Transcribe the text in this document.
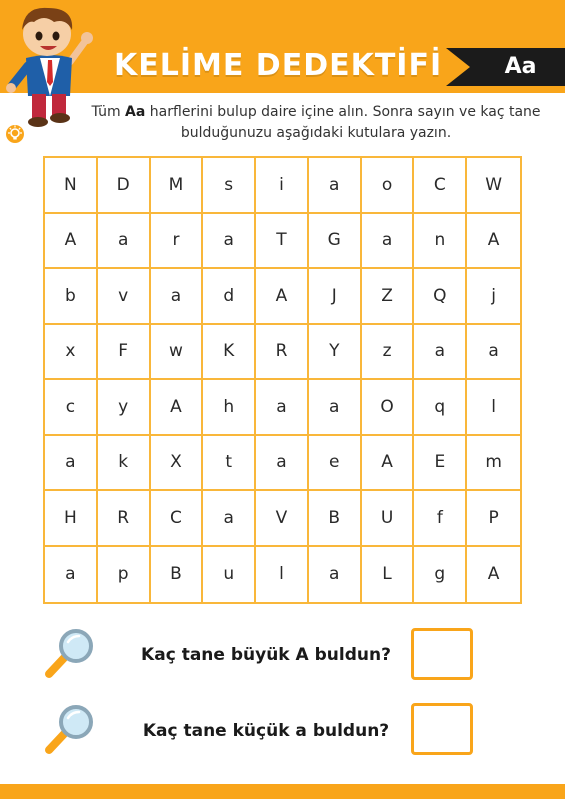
KELİME DEDEKTİFİ	Aa
Tüm Aa harflerini bulup daire içine alın. Sonra sayın ve kaç tane bulduğunuzu aşağıdaki kutulara yazın.
N	D	M	s	i	a	o	C	W
A	a	r	a	T	G	a	n	A
b	v	a	d	A	J	Z	Q	j
x	F	w	K	R	Y	z	a	a
c	y	A	h	a	a	O	q	l
a	k	X	t	a	e	A	E	m
H	R	C	a	V	B	U	f	P
a	p	B	u	l	a	L	g	A
Kaç tane büyük A buldun?
Kaç tane küçük a buldun?
